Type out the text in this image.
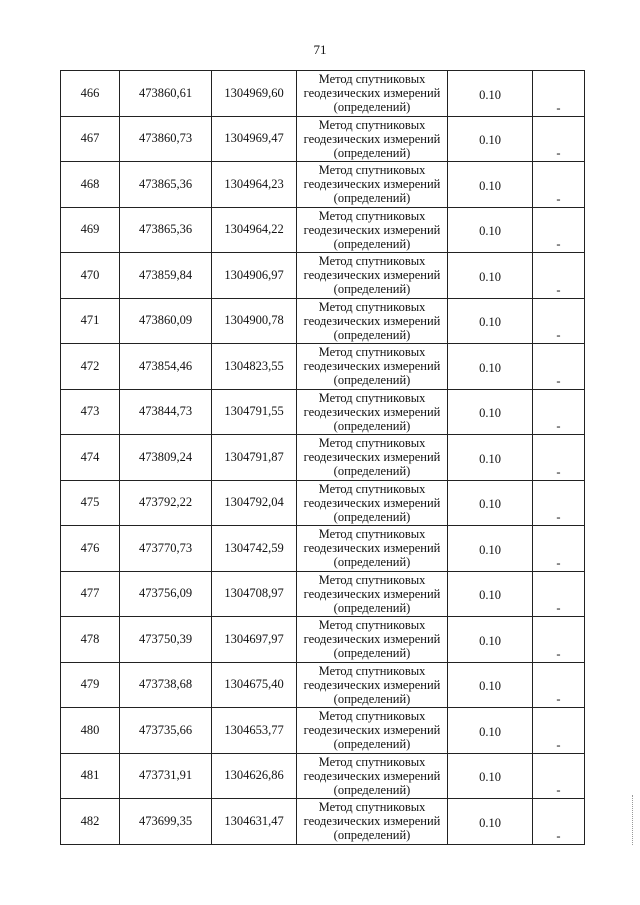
71
466	473860,61	1304969,60	Метод спутниковых
геодезических измерений
(определений)	0.10	-
467	473860,73	1304969,47	Метод спутниковых
геодезических измерений
(определений)	0.10	-
468	473865,36	1304964,23	Метод спутниковых
геодезических измерений
(определений)	0.10	-
469	473865,36	1304964,22	Метод спутниковых
геодезических измерений
(определений)	0.10	-
470	473859,84	1304906,97	Метод спутниковых
геодезических измерений
(определений)	0.10	-
471	473860,09	1304900,78	Метод спутниковых
геодезических измерений
(определений)	0.10	-
472	473854,46	1304823,55	Метод спутниковых
геодезических измерений
(определений)	0.10	-
473	473844,73	1304791,55	Метод спутниковых
геодезических измерений
(определений)	0.10	-
474	473809,24	1304791,87	Метод спутниковых
геодезических измерений
(определений)	0.10	-
475	473792,22	1304792,04	Метод спутниковых
геодезических измерений
(определений)	0.10	-
476	473770,73	1304742,59	Метод спутниковых
геодезических измерений
(определений)	0.10	-
477	473756,09	1304708,97	Метод спутниковых
геодезических измерений
(определений)	0.10	-
478	473750,39	1304697,97	Метод спутниковых
геодезических измерений
(определений)	0.10	-
479	473738,68	1304675,40	Метод спутниковых
геодезических измерений
(определений)	0.10	-
480	473735,66	1304653,77	Метод спутниковых
геодезических измерений
(определений)	0.10	-
481	473731,91	1304626,86	Метод спутниковых
геодезических измерений
(определений)	0.10	-
482	473699,35	1304631,47	Метод спутниковых
геодезических измерений
(определений)	0.10	-
